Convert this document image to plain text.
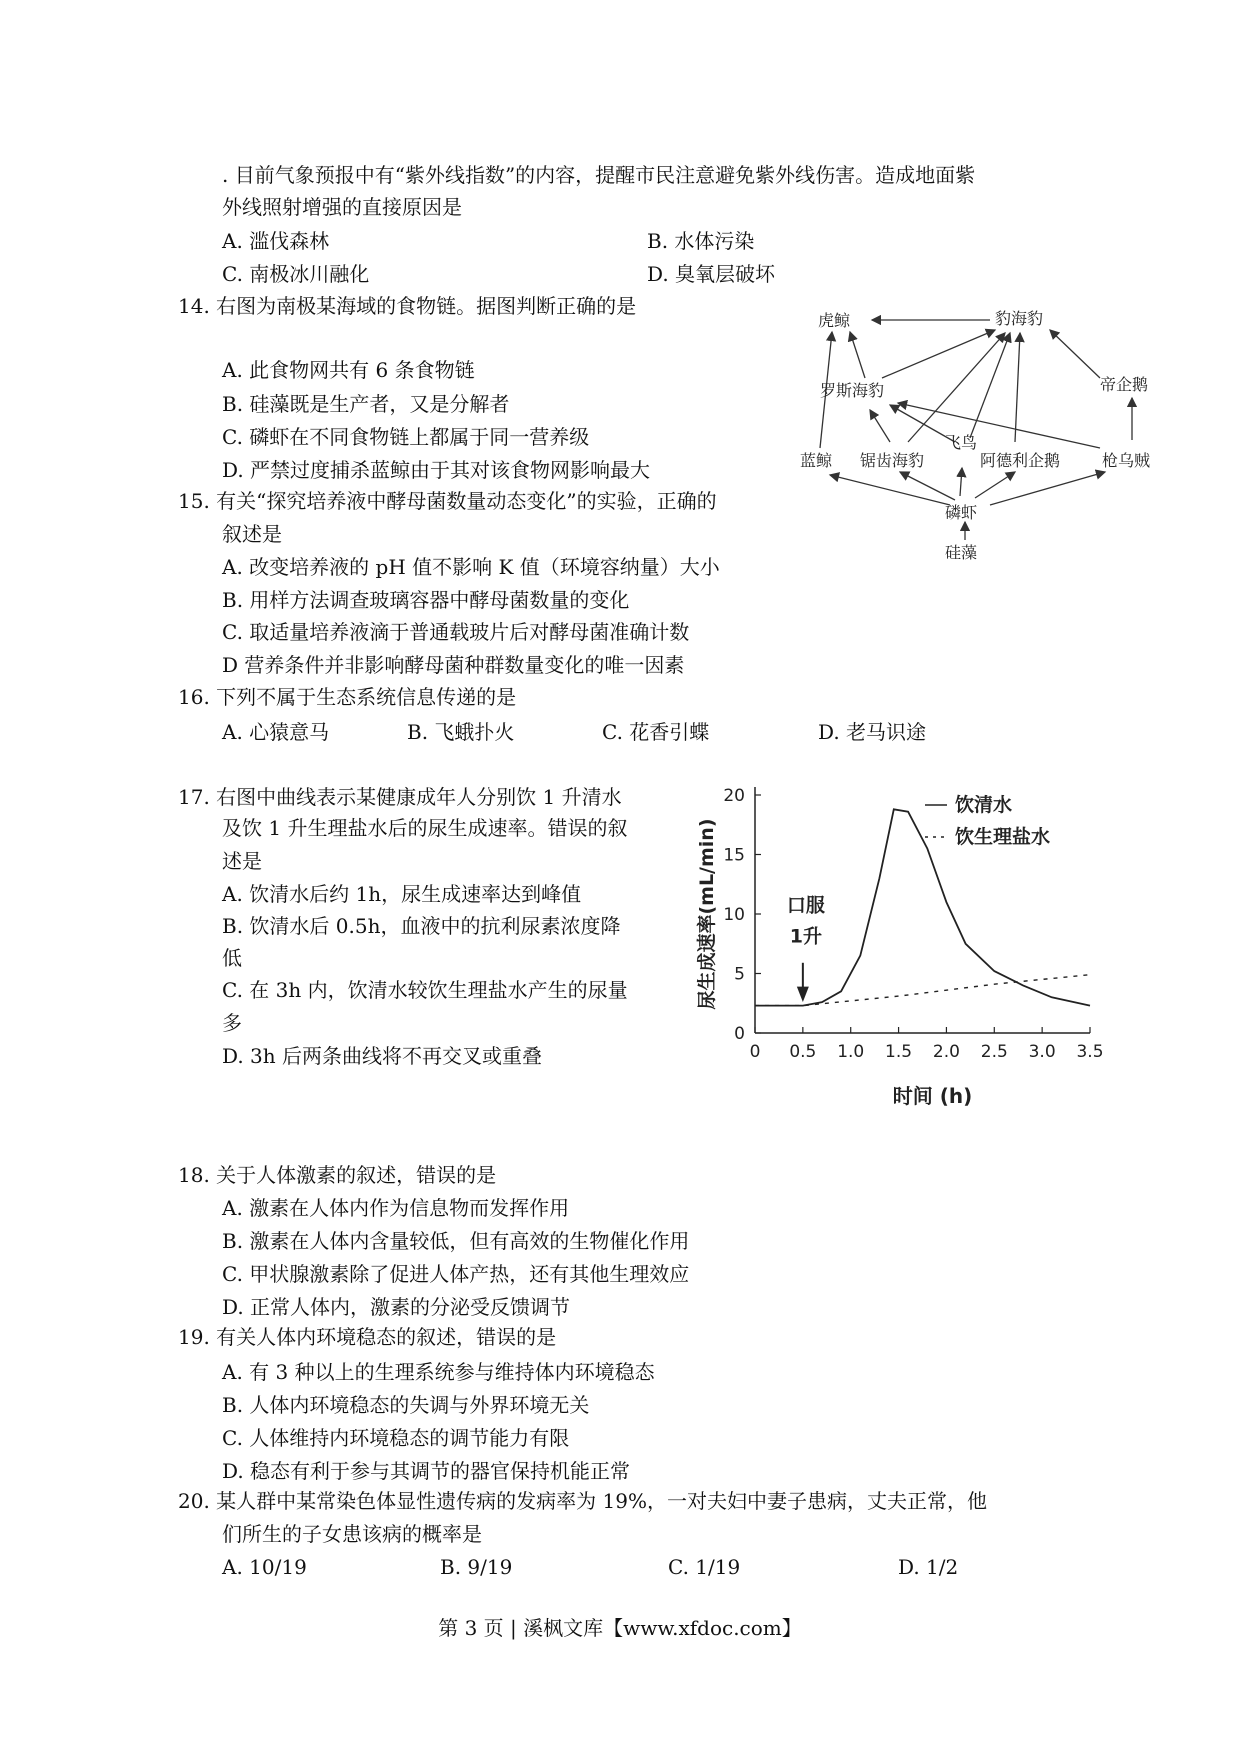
. 目前气象预报中有“紫外线指数”的内容，提醒市民注意避免紫外线伤害。造成地面紫
外线照射增强的直接原因是
A. 滥伐森林	B. 水体污染
C. 南极冰川融化	D. 臭氧层破坏
14. 右图为南极某海域的食物链。据图判断正确的是
A. 此食物网共有 6 条食物链
B. 硅藻既是生产者，又是分解者
C. 磷虾在不同食物链上都属于同一营养级
D. 严禁过度捕杀蓝鲸由于其对该食物网影响最大
虎鲸	豹海豹
罗斯海豹	帝企鹅
蓝鲸 锯齿海豹
飞鸟
阿德利企鹅	枪乌贼
磷虾
硅藻
15. 有关“探究培养液中酵母菌数量动态变化”的实验，正确的
叙述是
A. 改变培养液的 pH 值不影响 K 值（环境容纳量）大小
B. 用样方法调查玻璃容器中酵母菌数量的变化
C. 取适量培养液滴于普通载玻片后对酵母菌准确计数
D 营养条件并非影响酵母菌种群数量变化的唯一因素
16. 下列不属于生态系统信息传递的是
A. 心猿意马	B. 飞蛾扑火	C. 花香引蝶	D. 老马识途
17. 右图中曲线表示某健康成年人分别饮 1 升清水
及饮 1 升生理盐水后的尿生成速率。错误的叙
述是
A. 饮清水后约 1h，尿生成速率达到峰值
B. 饮清水后 0.5h，血液中的抗利尿素浓度降
低
C. 在 3h 内，饮清水较饮生理盐水产生的尿量
多
D. 3h 后两条曲线将不再交叉或重叠
0
5
10
15
20
0 0.5 1.0 1.5 2.0 2.5 3.0 3.5
时间 (h)
尿生成速率(mL/min)
饮清水
饮生理盐水
口服
1升
18. 关于人体激素的叙述，错误的是
A. 激素在人体内作为信息物而发挥作用
B. 激素在人体内含量较低，但有高效的生物催化作用
C. 甲状腺激素除了促进人体产热，还有其他生理效应
D. 正常人体内，激素的分泌受反馈调节
19. 有关人体内环境稳态的叙述，错误的是
A. 有 3 种以上的生理系统参与维持体内环境稳态
B. 人体内环境稳态的失调与外界环境无关
C. 人体维持内环境稳态的调节能力有限
D. 稳态有利于参与其调节的器官保持机能正常
20. 某人群中某常染色体显性遗传病的发病率为 19%，一对夫妇中妻子患病，丈夫正常，他
们所生的子女患该病的概率是
A. 10/19	B. 9/19	C. 1/19	D. 1/2
第 3 页 | 溪枫文库【www.xfdoc.com】
